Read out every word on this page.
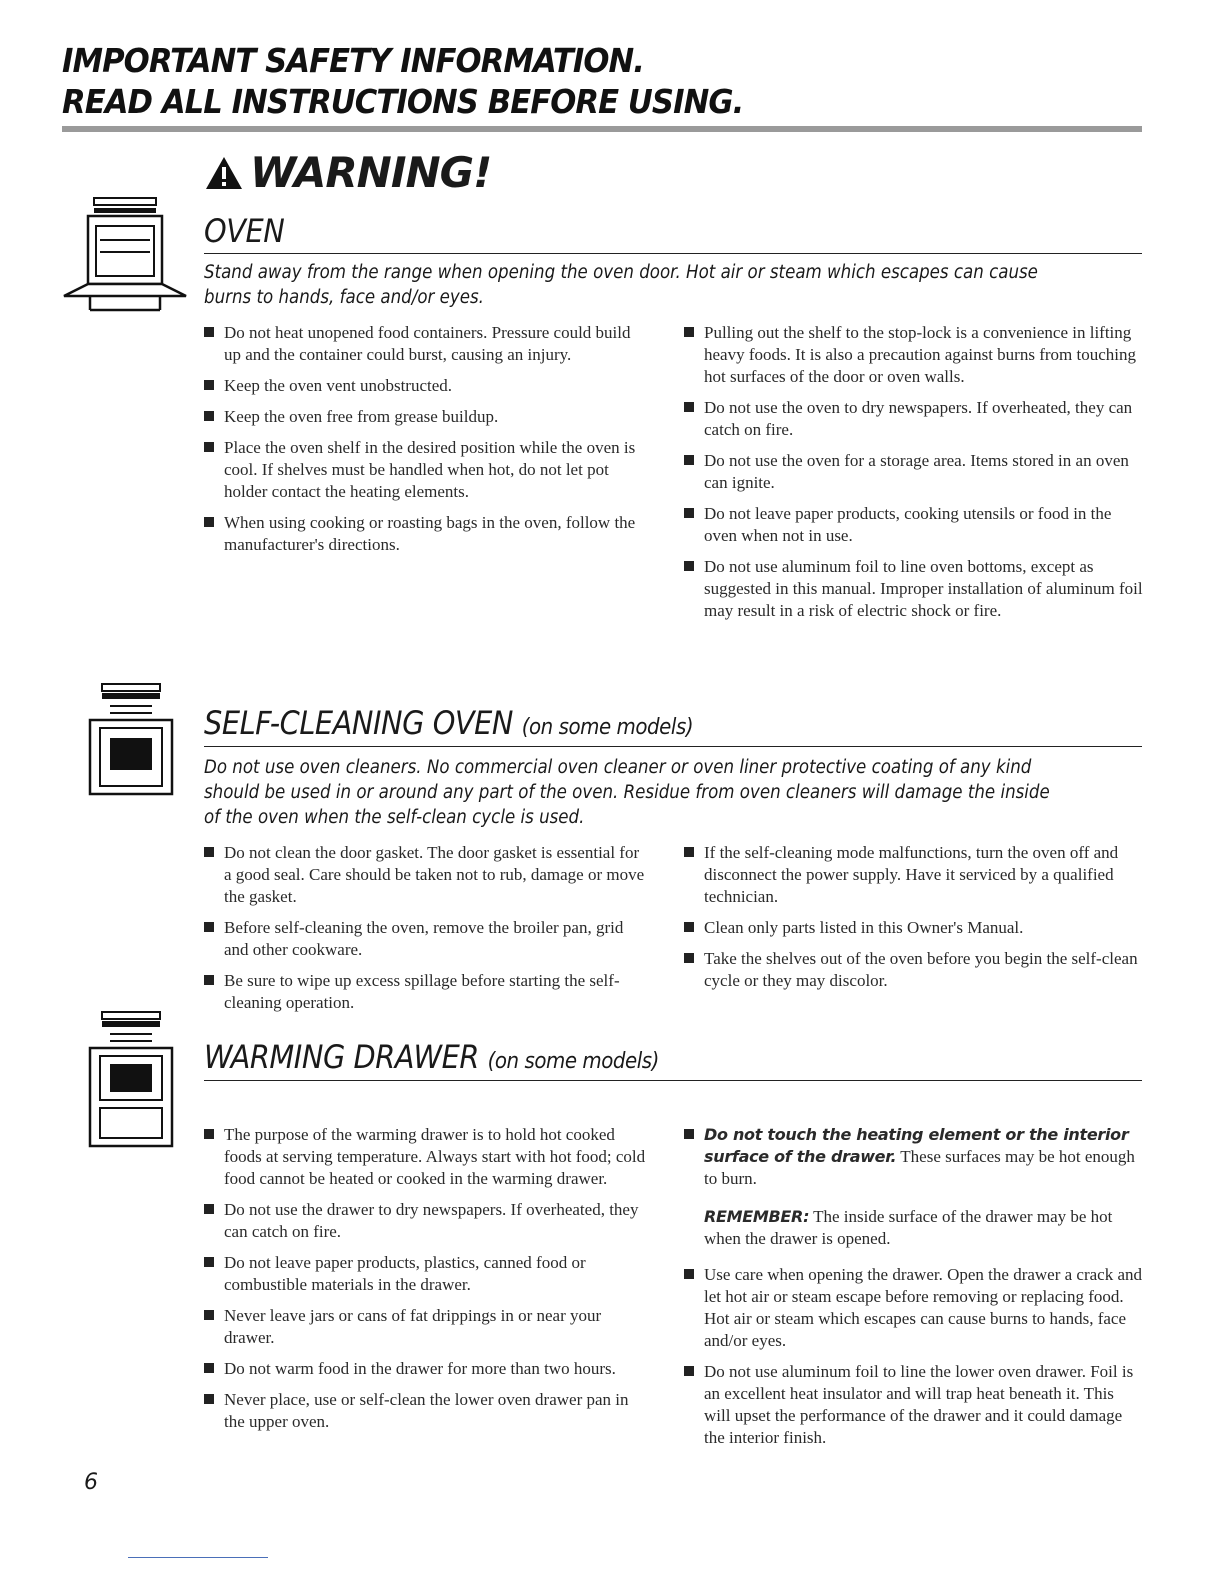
IMPORTANT SAFETY INFORMATION.
READ ALL INSTRUCTIONS BEFORE USING.
WARNING!
OVEN

Stand away from the range when opening the oven door. Hot air or steam which escapes can cause burns to hands, face and/or eyes.

Do not heat unopened food containers. Pressure could build up and the container could burst, causing an injury.
Keep the oven vent unobstructed.
Keep the oven free from grease buildup.
Place the oven shelf in the desired position while the oven is cool. If shelves must be handled when hot, do not let pot holder contact the heating elements.
When using cooking or roasting bags in the oven, follow the manufacturer's directions.
Pulling out the shelf to the stop-lock is a convenience in lifting heavy foods. It is also a precaution against burns from touching hot surfaces of the door or oven walls.
Do not use the oven to dry newspapers. If overheated, they can catch on fire.
Do not use the oven for a storage area. Items stored in an oven can ignite.
Do not leave paper products, cooking utensils or food in the oven when not in use.
Do not use aluminum foil to line oven bottoms, except as suggested in this manual. Improper installation of aluminum foil may result in a risk of electric shock or fire.
SELF-CLEANING OVEN (on some models)

Do not use oven cleaners. No commercial oven cleaner or oven liner protective coating of any kind should be used in or around any part of the oven. Residue from oven cleaners will damage the inside of the oven when the self-clean cycle is used.

Do not clean the door gasket. The door gasket is essential for a good seal. Care should be taken not to rub, damage or move the gasket.
Before self-cleaning the oven, remove the broiler pan, grid and other cookware.
Be sure to wipe up excess spillage before starting the self-cleaning operation.
If the self-cleaning mode malfunctions, turn the oven off and disconnect the power supply. Have it serviced by a qualified technician.
Clean only parts listed in this Owner's Manual.
Take the shelves out of the oven before you begin the self-clean cycle or they may discolor.
WARMING DRAWER (on some models)
The purpose of the warming drawer is to hold hot cooked foods at serving temperature. Always start with hot food; cold food cannot be heated or cooked in the warming drawer.
Do not use the drawer to dry newspapers. If overheated, they can catch on fire.
Do not leave paper products, plastics, canned food or combustible materials in the drawer.
Never leave jars or cans of fat drippings in or near your drawer.
Do not warm food in the drawer for more than two hours.
Never place, use or self-clean the lower oven drawer pan in the upper oven.
Do not touch the heating element or the interior surface of the drawer. These surfaces may be hot enough to burn.

REMEMBER: The inside surface of the drawer may be hot when the drawer is opened.

Use care when opening the drawer. Open the drawer a crack and let hot air or steam escape before removing or replacing food. Hot air or steam which escapes can cause burns to hands, face and/or eyes.
Do not use aluminum foil to line the lower oven drawer. Foil is an excellent heat insulator and will trap heat beneath it. This will upset the performance of the drawer and it could damage the interior finish.
6
